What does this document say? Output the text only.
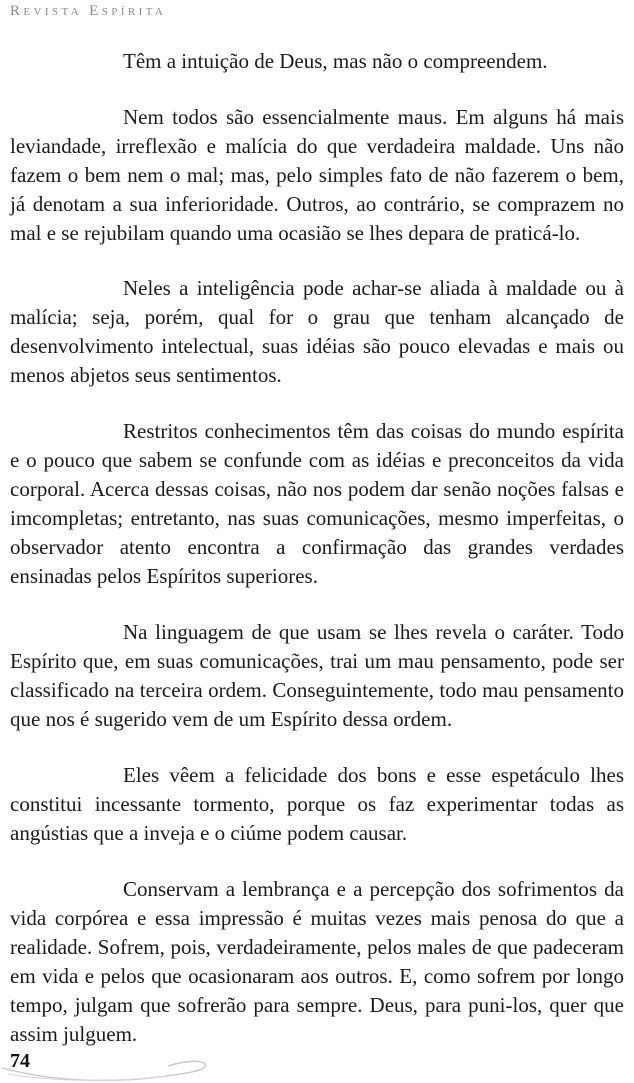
Revista Espírita

Têm a intuição de Deus, mas não o compreendem.

Nem todos são essencialmente maus. Em alguns há mais leviandade, irreflexão e malícia do que verdadeira maldade. Uns não fazem o bem nem o mal; mas, pelo simples fato de não fazerem o bem, já denotam a sua inferioridade. Outros, ao contrário, se comprazem no mal e se rejubilam quando uma ocasião se lhes depara de praticá-lo.

Neles a inteligência pode achar-se aliada à maldade ou à malícia; seja, porém, qual for o grau que tenham alcançado de desenvolvimento intelectual, suas idéias são pouco elevadas e mais ou menos abjetos seus sentimentos.

Restritos conhecimentos têm das coisas do mundo espírita e o pouco que sabem se confunde com as idéias e preconceitos da vida corporal. Acerca dessas coisas, não nos podem dar senão noções falsas e imcompletas; entretanto, nas suas comunicações, mesmo imperfeitas, o observador atento encontra a confirmação das grandes verdades ensinadas pelos Espíritos superiores.

Na linguagem de que usam se lhes revela o caráter. Todo Espírito que, em suas comunicações, trai um mau pensamento, pode ser classificado na terceira ordem. Conseguintemente, todo mau pensamento que nos é sugerido vem de um Espírito dessa ordem.

Eles vêem a felicidade dos bons e esse espetáculo lhes constitui incessante tormento, porque os faz experimentar todas as angústias que a inveja e o ciúme podem causar.

Conservam a lembrança e a percepção dos sofrimentos da vida corpórea e essa impressão é muitas vezes mais penosa do que a realidade. Sofrem, pois, verdadeiramente, pelos males de que padeceram em vida e pelos que ocasionaram aos outros. E, como sofrem por longo tempo, julgam que sofrerão para sempre. Deus, para puni-los, quer que assim julguem.

74
